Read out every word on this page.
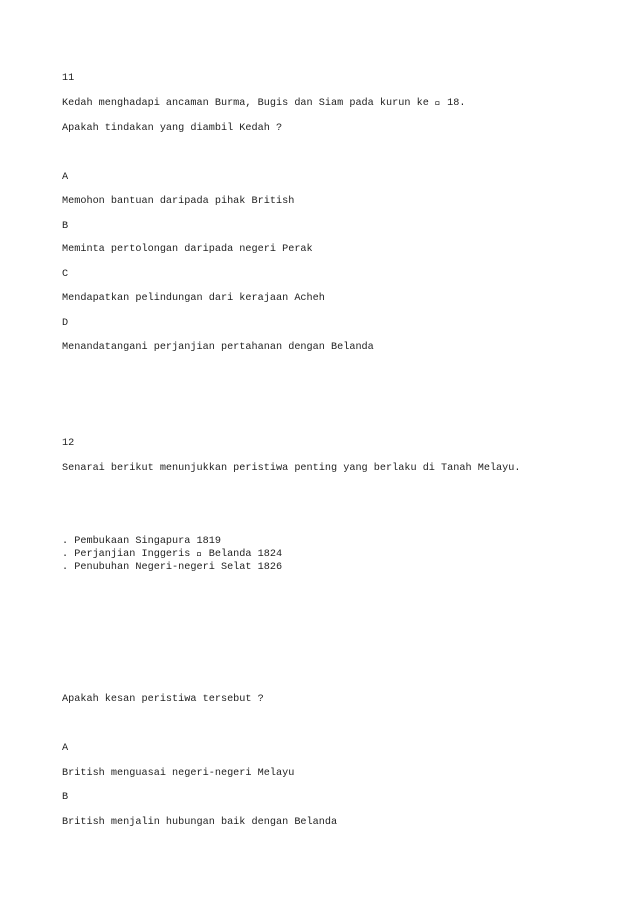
11
Kedah menghadapi ancaman Burma, Bugis dan Siam pada kurun ke   18.
Apakah tindakan yang diambil Kedah ?
A
Memohon bantuan daripada pihak British
B
Meminta pertolongan daripada negeri Perak
C
Mendapatkan pelindungan dari kerajaan Acheh
D
Menandatangani perjanjian pertahanan dengan Belanda
12
Senarai berikut menunjukkan peristiwa penting yang berlaku di Tanah Melayu.
. Pembukaan Singapura 1819
. Perjanjian Inggeris   Belanda 1824
. Penubuhan Negeri-negeri Selat 1826
Apakah kesan peristiwa tersebut ?
A
British menguasai negeri-negeri Melayu
B
British menjalin hubungan baik dengan Belanda
